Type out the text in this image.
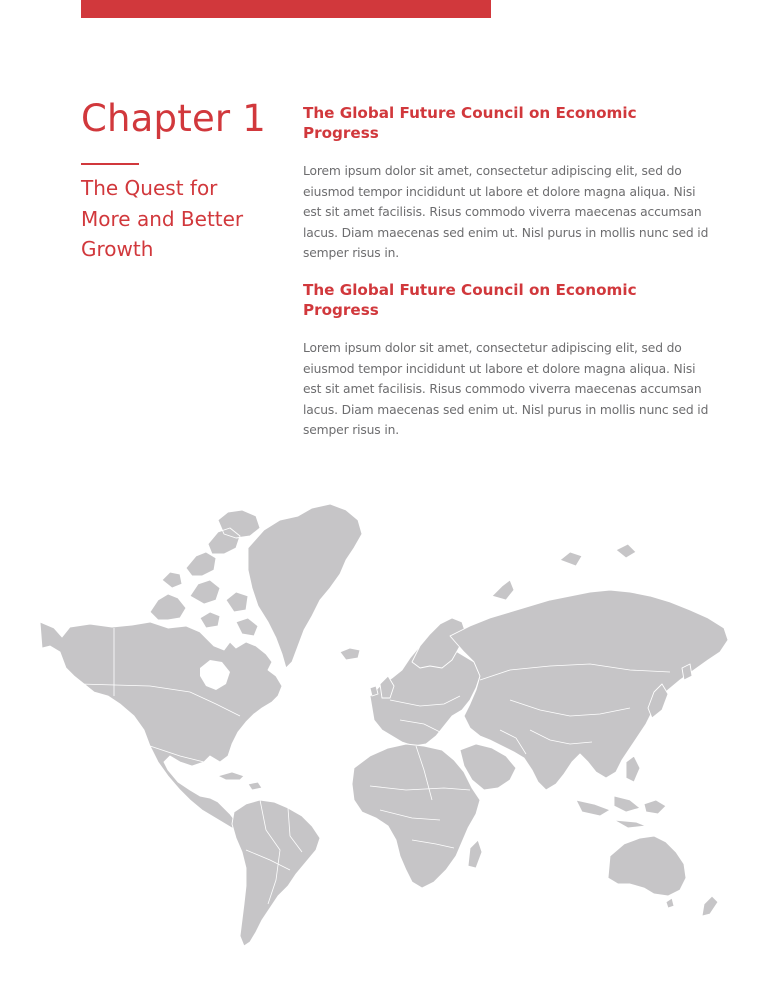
Chapter 1
The Quest for More and Better Growth
The Global Future Council on Economic Progress

Lorem ipsum dolor sit amet, consectetur adipiscing elit, sed do eiusmod tempor incididunt ut labore et dolore magna aliqua. Nisi est sit amet facilisis. Risus commodo viverra maecenas accumsan lacus. Diam maecenas sed enim ut. Nisl purus in mollis nunc sed id semper risus in.

The Global Future Council on Economic Progress

Lorem ipsum dolor sit amet, consectetur adipiscing elit, sed do eiusmod tempor incididunt ut labore et dolore magna aliqua. Nisi est sit amet facilisis. Risus commodo viverra maecenas accumsan lacus. Diam maecenas sed enim ut. Nisl purus in mollis nunc sed id semper risus in.
